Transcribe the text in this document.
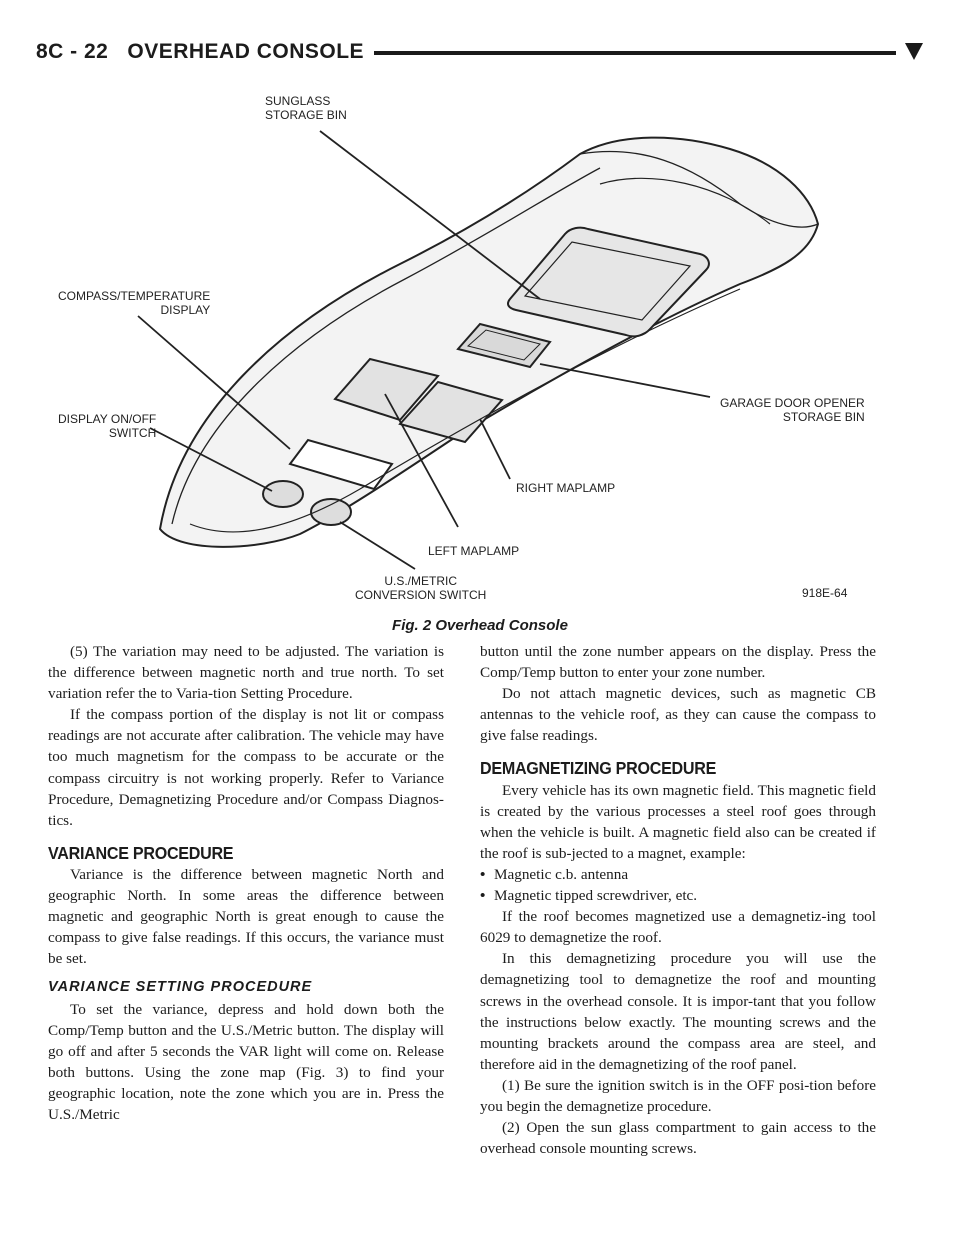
8C - 22   OVERHEAD CONSOLE
SUNGLASS
STORAGE BIN
COMPASS/TEMPERATURE
DISPLAY
DISPLAY ON/OFF
SWITCH
GARAGE DOOR OPENER
STORAGE BIN
RIGHT MAPLAMP
LEFT MAPLAMP
U.S./METRIC
CONVERSION SWITCH	918E-64
Fig. 2 Overhead Console

(5) The variation may need to be adjusted. The variation is the difference between magnetic north and true north. To set variation refer the to Varia-tion Setting Procedure.

If the compass portion of the display is not lit or compass readings are not accurate after calibration. The vehicle may have too much magnetism for the compass to be accurate or the compass circuitry is not working properly. Refer to Variance Procedure, Demagnetizing Procedure and/or Compass Diagnos-tics.

VARIANCE PROCEDURE

Variance is the difference between magnetic North and geographic North. In some areas the difference between magnetic and geographic North is great enough to cause the compass to give false readings. If this occurs, the variance must be set.

VARIANCE SETTING PROCEDURE

To set the variance, depress and hold down both the Comp/Temp button and the U.S./Metric button. The display will go off and after 5 seconds the VAR light will come on. Release both buttons. Using the zone map (Fig. 3) to find your geographic location, note the zone which you are in. Press the U.S./Metric

button until the zone number appears on the display. Press the Comp/Temp button to enter your zone number.

Do not attach magnetic devices, such as magnetic CB antennas to the vehicle roof, as they can cause the compass to give false readings.

DEMAGNETIZING PROCEDURE

Every vehicle has its own magnetic field. This magnetic field is created by the various processes a steel roof goes through when the vehicle is built. A magnetic field also can be created if the roof is sub-jected to a magnet, example:

• Magnetic c.b. antenna
• Magnetic tipped screwdriver, etc.

If the roof becomes magnetized use a demagnetiz-ing tool 6029 to demagnetize the roof.

In this demagnetizing procedure you will use the demagnetizing tool to demagnetize the roof and mounting screws in the overhead console. It is impor-tant that you follow the instructions below exactly. The mounting screws and the mounting brackets around the compass area are steel, and therefore aid in the demagnetizing of the roof panel.

(1) Be sure the ignition switch is in the OFF posi-tion before you begin the demagnetize procedure.

(2) Open the sun glass compartment to gain access to the overhead console mounting screws.
